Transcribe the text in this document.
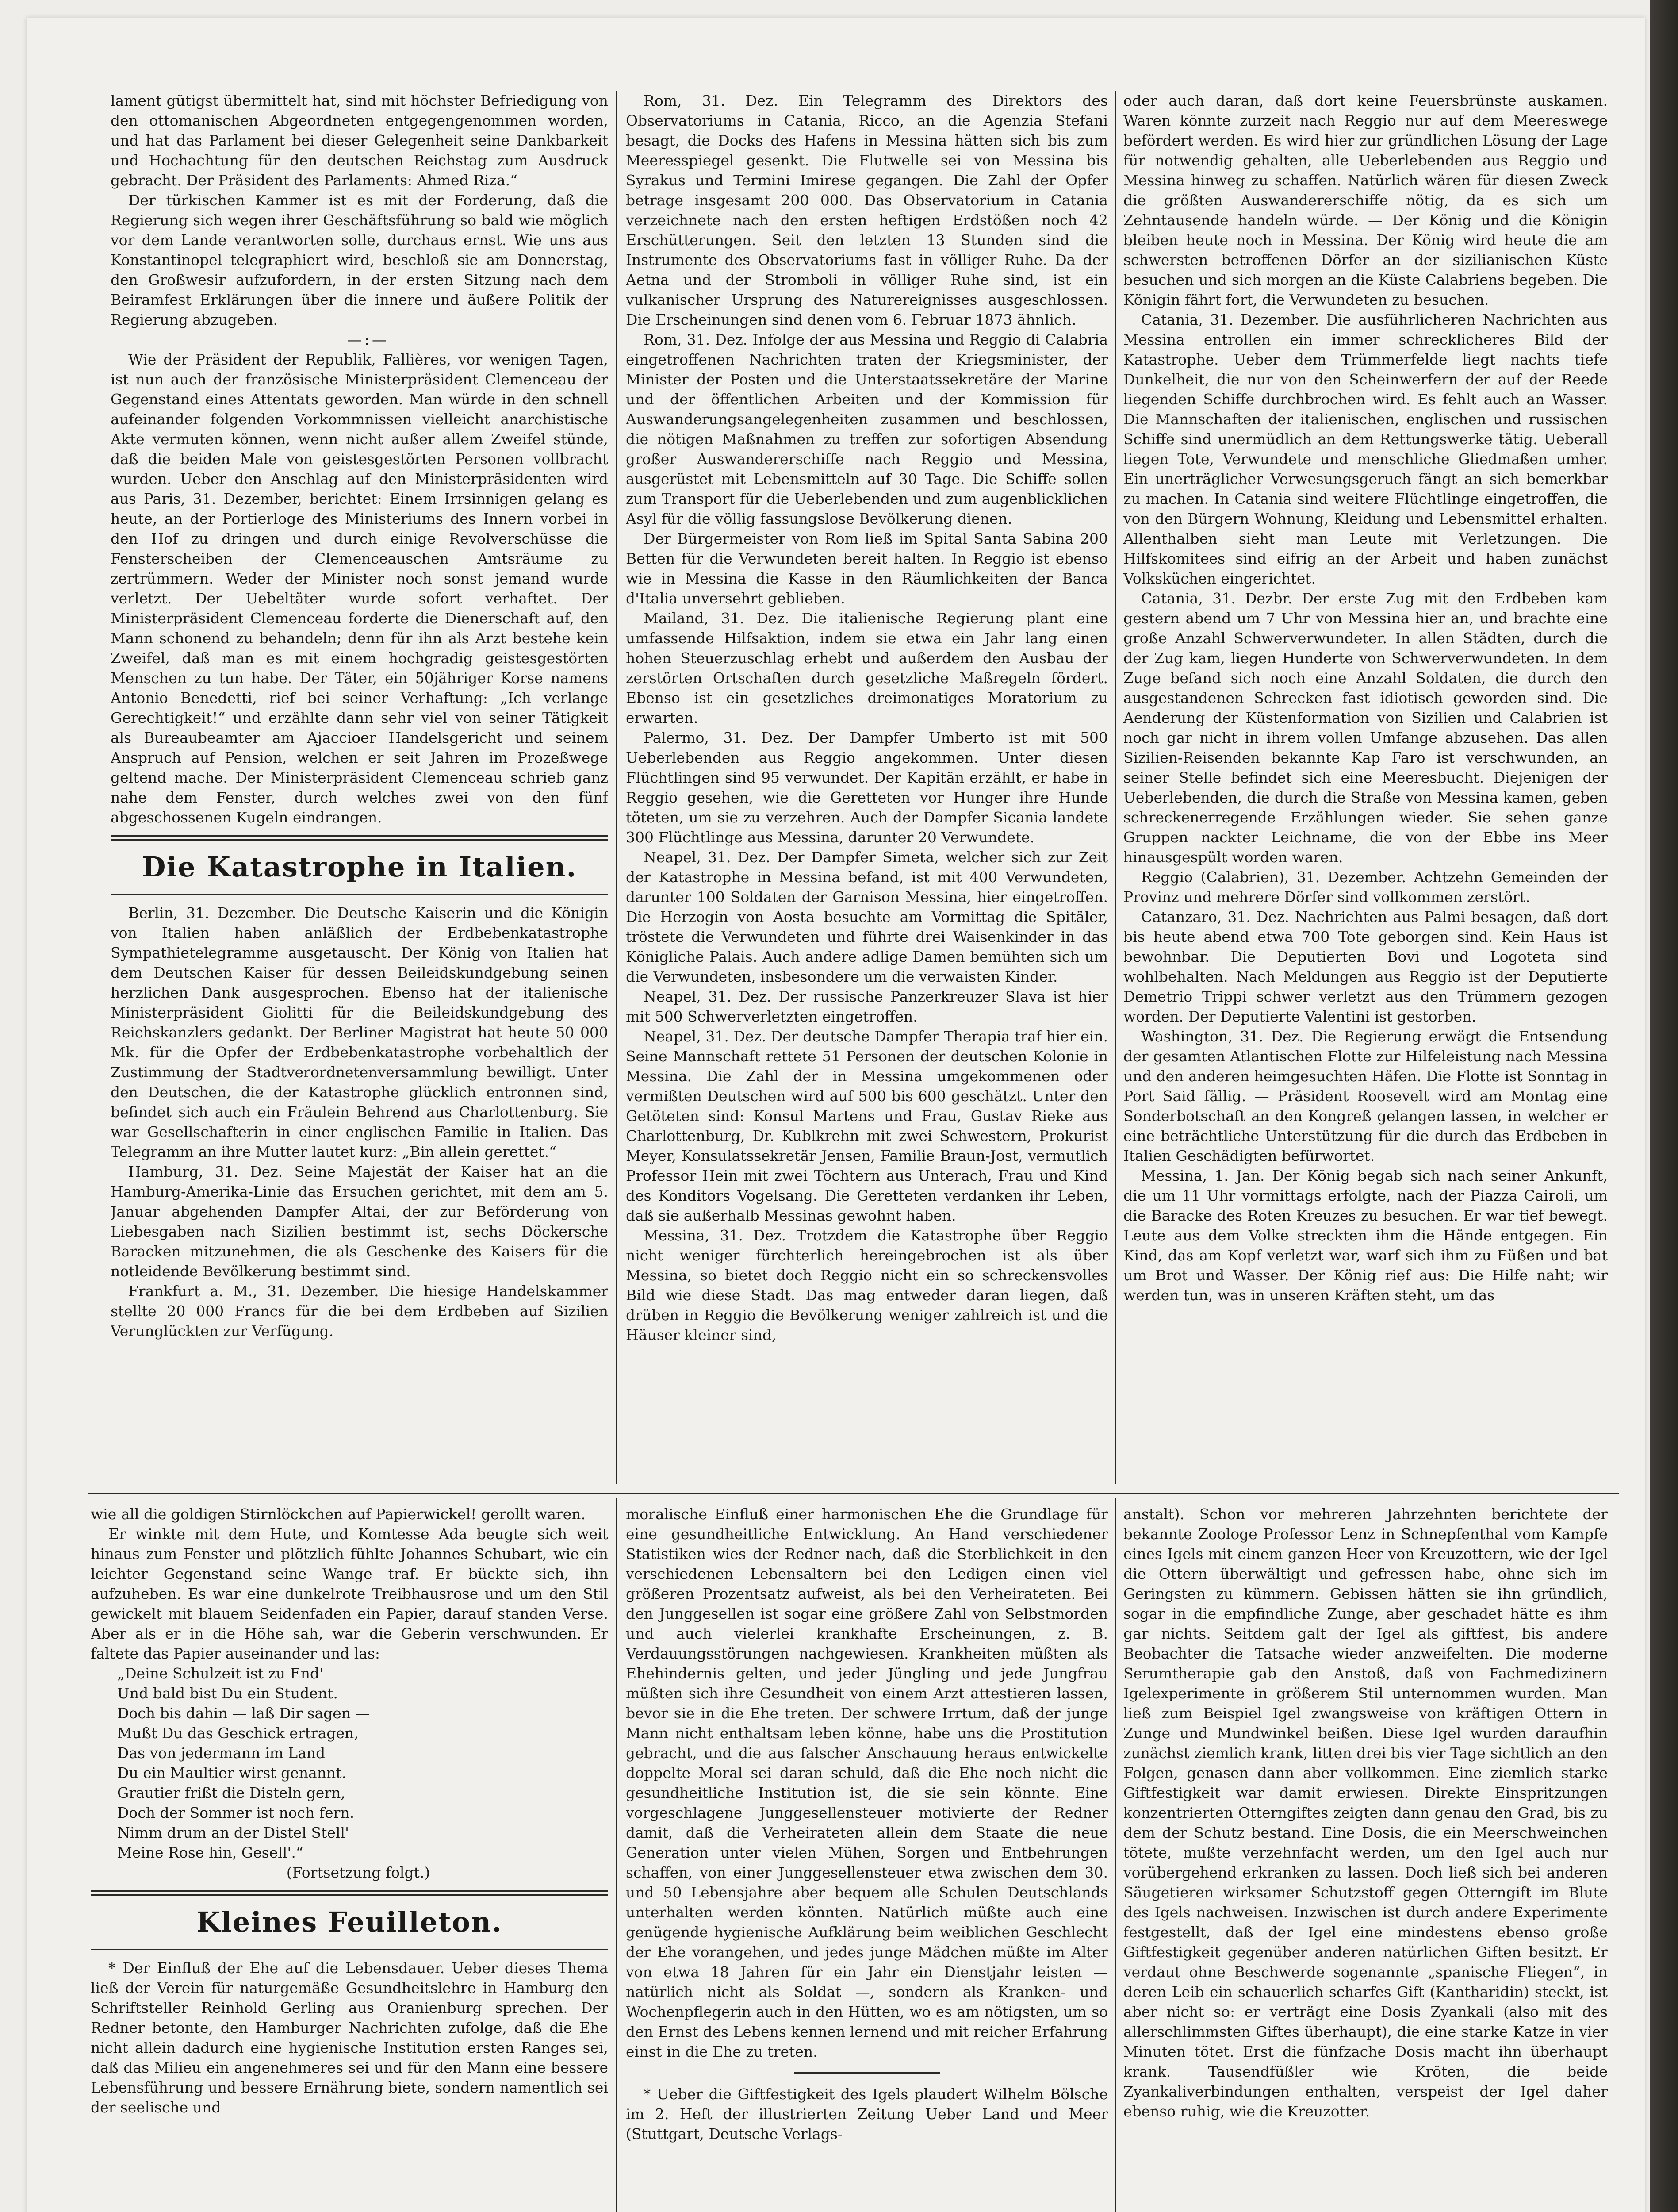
lament gütigst übermittelt hat, sind mit höchster Befriedigung von den ottomanischen Abgeordneten entgegengenommen worden, und hat das Parlament bei dieser Gelegenheit seine Dankbarkeit und Hochachtung für den deutschen Reichstag zum Ausdruck gebracht. Der Präsident des Parlaments: Ahmed Riza.“

Der türkischen Kammer ist es mit der Forderung, daß die Regierung sich wegen ihrer Geschäftsführung so bald wie möglich vor dem Lande verantworten solle, durchaus ernst. Wie uns aus Konstantinopel telegraphiert wird, beschloß sie am Donnerstag, den Großwesir aufzufordern, in der ersten Sitzung nach dem Beiramfest Erklärungen über die innere und äußere Politik der Regierung abzugeben.

—:—

Wie der Präsident der Republik, Fallières, vor wenigen Tagen, ist nun auch der französische Ministerpräsident Clemenceau der Gegenstand eines Attentats geworden. Man würde in den schnell aufeinander folgenden Vorkommnissen vielleicht anarchistische Akte vermuten können, wenn nicht außer allem Zweifel stünde, daß die beiden Male von geistesgestörten Personen vollbracht wurden. Ueber den Anschlag auf den Ministerpräsidenten wird aus Paris, 31. Dezember, berichtet: Einem Irrsinnigen gelang es heute, an der Portierloge des Ministeriums des Innern vorbei in den Hof zu dringen und durch einige Revolverschüsse die Fensterscheiben der Clemenceauschen Amtsräume zu zertrümmern. Weder der Minister noch sonst jemand wurde verletzt. Der Uebeltäter wurde sofort verhaftet. Der Ministerpräsident Clemenceau forderte die Dienerschaft auf, den Mann schonend zu behandeln; denn für ihn als Arzt bestehe kein Zweifel, daß man es mit einem hochgradig geistesgestörten Menschen zu tun habe. Der Täter, ein 50jähriger Korse namens Antonio Benedetti, rief bei seiner Verhaftung: „Ich verlange Gerechtigkeit!“ und erzählte dann sehr viel von seiner Tätigkeit als Bureaubeamter am Ajaccioer Handelsgericht und seinem Anspruch auf Pension, welchen er seit Jahren im Prozeßwege geltend mache. Der Ministerpräsident Clemenceau schrieb ganz nahe dem Fenster, durch welches zwei von den fünf abgeschossenen Kugeln eindrangen.

Die Katastrophe in Italien.

Berlin, 31. Dezember. Die Deutsche Kaiserin und die Königin von Italien haben anläßlich der Erdbebenkatastrophe Sympathietelegramme ausgetauscht. Der König von Italien hat dem Deutschen Kaiser für dessen Beileidskundgebung seinen herzlichen Dank ausgesprochen. Ebenso hat der italienische Ministerpräsident Giolitti für die Beileidskundgebung des Reichskanzlers gedankt. Der Berliner Magistrat hat heute 50 000 Mk. für die Opfer der Erdbebenkatastrophe vorbehaltlich der Zustimmung der Stadtverordnetenversammlung bewilligt. Unter den Deutschen, die der Katastrophe glücklich entronnen sind, befindet sich auch ein Fräulein Behrend aus Charlottenburg. Sie war Gesellschafterin in einer englischen Familie in Italien. Das Telegramm an ihre Mutter lautet kurz: „Bin allein gerettet.“

Hamburg, 31. Dez. Seine Majestät der Kaiser hat an die Hamburg-Amerika-Linie das Ersuchen gerichtet, mit dem am 5. Januar abgehenden Dampfer Altai, der zur Beförderung von Liebesgaben nach Sizilien bestimmt ist, sechs Döckersche Baracken mitzunehmen, die als Geschenke des Kaisers für die notleidende Bevölkerung bestimmt sind.

Frankfurt a. M., 31. Dezember. Die hiesige Handelskammer stellte 20 000 Francs für die bei dem Erdbeben auf Sizilien Verunglückten zur Verfügung.

Rom, 31. Dez. Ein Telegramm des Direktors des Observatoriums in Catania, Ricco, an die Agenzia Stefani besagt, die Docks des Hafens in Messina hätten sich bis zum Meeresspiegel gesenkt. Die Flutwelle sei von Messina bis Syrakus und Termini Imirese gegangen. Die Zahl der Opfer betrage insgesamt 200 000. Das Observatorium in Catania verzeichnete nach den ersten heftigen Erdstößen noch 42 Erschütterungen. Seit den letzten 13 Stunden sind die Instrumente des Observatoriums fast in völliger Ruhe. Da der Aetna und der Stromboli in völliger Ruhe sind, ist ein vulkanischer Ursprung des Naturereignisses ausgeschlossen. Die Erscheinungen sind denen vom 6. Februar 1873 ähnlich.

Rom, 31. Dez. Infolge der aus Messina und Reggio di Calabria eingetroffenen Nachrichten traten der Kriegsminister, der Minister der Posten und die Unterstaatssekretäre der Marine und der öffentlichen Arbeiten und der Kommission für Auswanderungsangelegenheiten zusammen und beschlossen, die nötigen Maßnahmen zu treffen zur sofortigen Absendung großer Auswandererschiffe nach Reggio und Messina, ausgerüstet mit Lebensmitteln auf 30 Tage. Die Schiffe sollen zum Transport für die Ueberlebenden und zum augenblicklichen Asyl für die völlig fassungslose Bevölkerung dienen.

Der Bürgermeister von Rom ließ im Spital Santa Sabina 200 Betten für die Verwundeten bereit halten. In Reggio ist ebenso wie in Messina die Kasse in den Räumlichkeiten der Banca d'Italia unversehrt geblieben.

Mailand, 31. Dez. Die italienische Regierung plant eine umfassende Hilfsaktion, indem sie etwa ein Jahr lang einen hohen Steuerzuschlag erhebt und außerdem den Ausbau der zerstörten Ortschaften durch gesetzliche Maßregeln fördert. Ebenso ist ein gesetzliches dreimonatiges Moratorium zu erwarten.

Palermo, 31. Dez. Der Dampfer Umberto ist mit 500 Ueberlebenden aus Reggio angekommen. Unter diesen Flüchtlingen sind 95 verwundet. Der Kapitän erzählt, er habe in Reggio gesehen, wie die Geretteten vor Hunger ihre Hunde töteten, um sie zu verzehren. Auch der Dampfer Sicania landete 300 Flüchtlinge aus Messina, darunter 20 Verwundete.

Neapel, 31. Dez. Der Dampfer Simeta, welcher sich zur Zeit der Katastrophe in Messina befand, ist mit 400 Verwundeten, darunter 100 Soldaten der Garnison Messina, hier eingetroffen. Die Herzogin von Aosta besuchte am Vormittag die Spitäler, tröstete die Verwundeten und führte drei Waisenkinder in das Königliche Palais. Auch andere adlige Damen bemühten sich um die Verwundeten, insbesondere um die verwaisten Kinder.

Neapel, 31. Dez. Der russische Panzerkreuzer Slava ist hier mit 500 Schwerverletzten eingetroffen.

Neapel, 31. Dez. Der deutsche Dampfer Therapia traf hier ein. Seine Mannschaft rettete 51 Personen der deutschen Kolonie in Messina. Die Zahl der in Messina umgekommenen oder vermißten Deutschen wird auf 500 bis 600 geschätzt. Unter den Getöteten sind: Konsul Martens und Frau, Gustav Rieke aus Charlottenburg, Dr. Kublkrehn mit zwei Schwestern, Prokurist Meyer, Konsulatssekretär Jensen, Familie Braun-Jost, vermutlich Professor Hein mit zwei Töchtern aus Unterach, Frau und Kind des Konditors Vogelsang. Die Geretteten verdanken ihr Leben, daß sie außerhalb Messinas gewohnt haben.

Messina, 31. Dez. Trotzdem die Katastrophe über Reggio nicht weniger fürchterlich hereingebrochen ist als über Messina, so bietet doch Reggio nicht ein so schreckensvolles Bild wie diese Stadt. Das mag entweder daran liegen, daß drüben in Reggio die Bevölkerung weniger zahlreich ist und die Häuser kleiner sind,

oder auch daran, daß dort keine Feuersbrünste auskamen. Waren könnte zurzeit nach Reggio nur auf dem Meereswege befördert werden. Es wird hier zur gründlichen Lösung der Lage für notwendig gehalten, alle Ueberlebenden aus Reggio und Messina hinweg zu schaffen. Natürlich wären für diesen Zweck die größten Auswandererschiffe nötig, da es sich um Zehntausende handeln würde. — Der König und die Königin bleiben heute noch in Messina. Der König wird heute die am schwersten betroffenen Dörfer an der sizilianischen Küste besuchen und sich morgen an die Küste Calabriens begeben. Die Königin fährt fort, die Verwundeten zu besuchen.

Catania, 31. Dezember. Die ausführlicheren Nachrichten aus Messina entrollen ein immer schrecklicheres Bild der Katastrophe. Ueber dem Trümmerfelde liegt nachts tiefe Dunkelheit, die nur von den Scheinwerfern der auf der Reede liegenden Schiffe durchbrochen wird. Es fehlt auch an Wasser. Die Mannschaften der italienischen, englischen und russischen Schiffe sind unermüdlich an dem Rettungswerke tätig. Ueberall liegen Tote, Verwundete und menschliche Gliedmaßen umher. Ein unerträglicher Verwesungsgeruch fängt an sich bemerkbar zu machen. In Catania sind weitere Flüchtlinge eingetroffen, die von den Bürgern Wohnung, Kleidung und Lebensmittel erhalten. Allenthalben sieht man Leute mit Verletzungen. Die Hilfskomitees sind eifrig an der Arbeit und haben zunächst Volksküchen eingerichtet.

Catania, 31. Dezbr. Der erste Zug mit den Erdbeben kam gestern abend um 7 Uhr von Messina hier an, und brachte eine große Anzahl Schwerverwundeter. In allen Städten, durch die der Zug kam, liegen Hunderte von Schwerverwundeten. In dem Zuge befand sich noch eine Anzahl Soldaten, die durch den ausgestandenen Schrecken fast idiotisch geworden sind. Die Aenderung der Küstenformation von Sizilien und Calabrien ist noch gar nicht in ihrem vollen Umfange abzusehen. Das allen Sizilien-Reisenden bekannte Kap Faro ist verschwunden, an seiner Stelle befindet sich eine Meeresbucht. Diejenigen der Ueberlebenden, die durch die Straße von Messina kamen, geben schreckenerregende Erzählungen wieder. Sie sehen ganze Gruppen nackter Leichname, die von der Ebbe ins Meer hinausgespült worden waren.

Reggio (Calabrien), 31. Dezember. Achtzehn Gemeinden der Provinz und mehrere Dörfer sind vollkommen zerstört.

Catanzaro, 31. Dez. Nachrichten aus Palmi besagen, daß dort bis heute abend etwa 700 Tote geborgen sind. Kein Haus ist bewohnbar. Die Deputierten Bovi und Logoteta sind wohlbehalten. Nach Meldungen aus Reggio ist der Deputierte Demetrio Trippi schwer verletzt aus den Trümmern gezogen worden. Der Deputierte Valentini ist gestorben.

Washington, 31. Dez. Die Regierung erwägt die Entsendung der gesamten Atlantischen Flotte zur Hilfeleistung nach Messina und den anderen heimgesuchten Häfen. Die Flotte ist Sonntag in Port Said fällig. — Präsident Roosevelt wird am Montag eine Sonderbotschaft an den Kongreß gelangen lassen, in welcher er eine beträchtliche Unterstützung für die durch das Erdbeben in Italien Geschädigten befürwortet.

Messina, 1. Jan. Der König begab sich nach seiner Ankunft, die um 11 Uhr vormittags erfolgte, nach der Piazza Cairoli, um die Baracke des Roten Kreuzes zu besuchen. Er war tief bewegt. Leute aus dem Volke streckten ihm die Hände entgegen. Ein Kind, das am Kopf verletzt war, warf sich ihm zu Füßen und bat um Brot und Wasser. Der König rief aus: Die Hilfe naht; wir werden tun, was in unseren Kräften steht, um das

wie all die goldigen Stirnlöckchen auf Papierwickel! gerollt waren.

Er winkte mit dem Hute, und Komtesse Ada beugte sich weit hinaus zum Fenster und plötzlich fühlte Johannes Schubart, wie ein leichter Gegenstand seine Wange traf. Er bückte sich, ihn aufzuheben. Es war eine dunkelrote Treibhausrose und um den Stil gewickelt mit blauem Seidenfaden ein Papier, darauf standen Verse. Aber als er in die Höhe sah, war die Geberin verschwunden. Er faltete das Papier auseinander und las:

„Deine Schulzeit ist zu End'

Und bald bist Du ein Student.

Doch bis dahin — laß Dir sagen —

Mußt Du das Geschick ertragen,

Das von jedermann im Land

Du ein Maultier wirst genannt.

Grautier frißt die Disteln gern,

Doch der Sommer ist noch fern.

Nimm drum an der Distel Stell'

Meine Rose hin, Gesell'.“

(Fortsetzung folgt.)

Kleines Feuilleton.

* Der Einfluß der Ehe auf die Lebensdauer. Ueber dieses Thema ließ der Verein für naturgemäße Gesundheitslehre in Hamburg den Schriftsteller Reinhold Gerling aus Oranienburg sprechen. Der Redner betonte, den Hamburger Nachrichten zufolge, daß die Ehe nicht allein dadurch eine hygienische Institution ersten Ranges sei, daß das Milieu ein angenehmeres sei und für den Mann eine bessere Lebensführung und bessere Ernährung biete, sondern namentlich sei der seelische und

moralische Einfluß einer harmonischen Ehe die Grundlage für eine gesundheitliche Entwicklung. An Hand verschiedener Statistiken wies der Redner nach, daß die Sterblichkeit in den verschiedenen Lebensaltern bei den Ledigen einen viel größeren Prozentsatz aufweist, als bei den Verheirateten. Bei den Junggesellen ist sogar eine größere Zahl von Selbstmorden und auch vielerlei krankhafte Erscheinungen, z. B. Verdauungsstörungen nachgewiesen. Krankheiten müßten als Ehehindernis gelten, und jeder Jüngling und jede Jungfrau müßten sich ihre Gesundheit von einem Arzt attestieren lassen, bevor sie in die Ehe treten. Der schwere Irrtum, daß der junge Mann nicht enthaltsam leben könne, habe uns die Prostitution gebracht, und die aus falscher Anschauung heraus entwickelte doppelte Moral sei daran schuld, daß die Ehe noch nicht die gesundheitliche Institution ist, die sie sein könnte. Eine vorgeschlagene Junggesellensteuer motivierte der Redner damit, daß die Verheirateten allein dem Staate die neue Generation unter vielen Mühen, Sorgen und Entbehrungen schaffen, von einer Junggesellensteuer etwa zwischen dem 30. und 50 Lebensjahre aber bequem alle Schulen Deutschlands unterhalten werden könnten. Natürlich müßte auch eine genügende hygienische Aufklärung beim weiblichen Geschlecht der Ehe vorangehen, und jedes junge Mädchen müßte im Alter von etwa 18 Jahren für ein Jahr ein Dienstjahr leisten — natürlich nicht als Soldat —, sondern als Kranken- und Wochenpflegerin auch in den Hütten, wo es am nötigsten, um so den Ernst des Lebens kennen lernend und mit reicher Erfahrung einst in die Ehe zu treten.

* Ueber die Giftfestigkeit des Igels plaudert Wilhelm Bölsche im 2. Heft der illustrierten Zeitung Ueber Land und Meer (Stuttgart, Deutsche Verlags-

anstalt). Schon vor mehreren Jahrzehnten berichtete der bekannte Zoologe Professor Lenz in Schnepfenthal vom Kampfe eines Igels mit einem ganzen Heer von Kreuzottern, wie der Igel die Ottern überwältigt und gefressen habe, ohne sich im Geringsten zu kümmern. Gebissen hätten sie ihn gründlich, sogar in die empfindliche Zunge, aber geschadet hätte es ihm gar nichts. Seitdem galt der Igel als giftfest, bis andere Beobachter die Tatsache wieder anzweifelten. Die moderne Serumtherapie gab den Anstoß, daß von Fachmedizinern Igelexperimente in größerem Stil unternommen wurden. Man ließ zum Beispiel Igel zwangsweise von kräftigen Ottern in Zunge und Mundwinkel beißen. Diese Igel wurden daraufhin zunächst ziemlich krank, litten drei bis vier Tage sichtlich an den Folgen, genasen dann aber vollkommen. Eine ziemlich starke Giftfestigkeit war damit erwiesen. Direkte Einspritzungen konzentrierten Otterngiftes zeigten dann genau den Grad, bis zu dem der Schutz bestand. Eine Dosis, die ein Meerschweinchen tötete, mußte verzehnfacht werden, um den Igel auch nur vorübergehend erkranken zu lassen. Doch ließ sich bei anderen Säugetieren wirksamer Schutzstoff gegen Otterngift im Blute des Igels nachweisen. Inzwischen ist durch andere Experimente festgestellt, daß der Igel eine mindestens ebenso große Giftfestigkeit gegenüber anderen natürlichen Giften besitzt. Er verdaut ohne Beschwerde sogenannte „spanische Fliegen“, in deren Leib ein schauerlich scharfes Gift (Kantharidin) steckt, ist aber nicht so: er verträgt eine Dosis Zyankali (also mit des allerschlimmsten Giftes überhaupt), die eine starke Katze in vier Minuten tötet. Erst die fünfzache Dosis macht ihn überhaupt krank. Tausendfüßler wie Kröten, die beide Zyankaliverbindungen enthalten, verspeist der Igel daher ebenso ruhig, wie die Kreuzotter.
